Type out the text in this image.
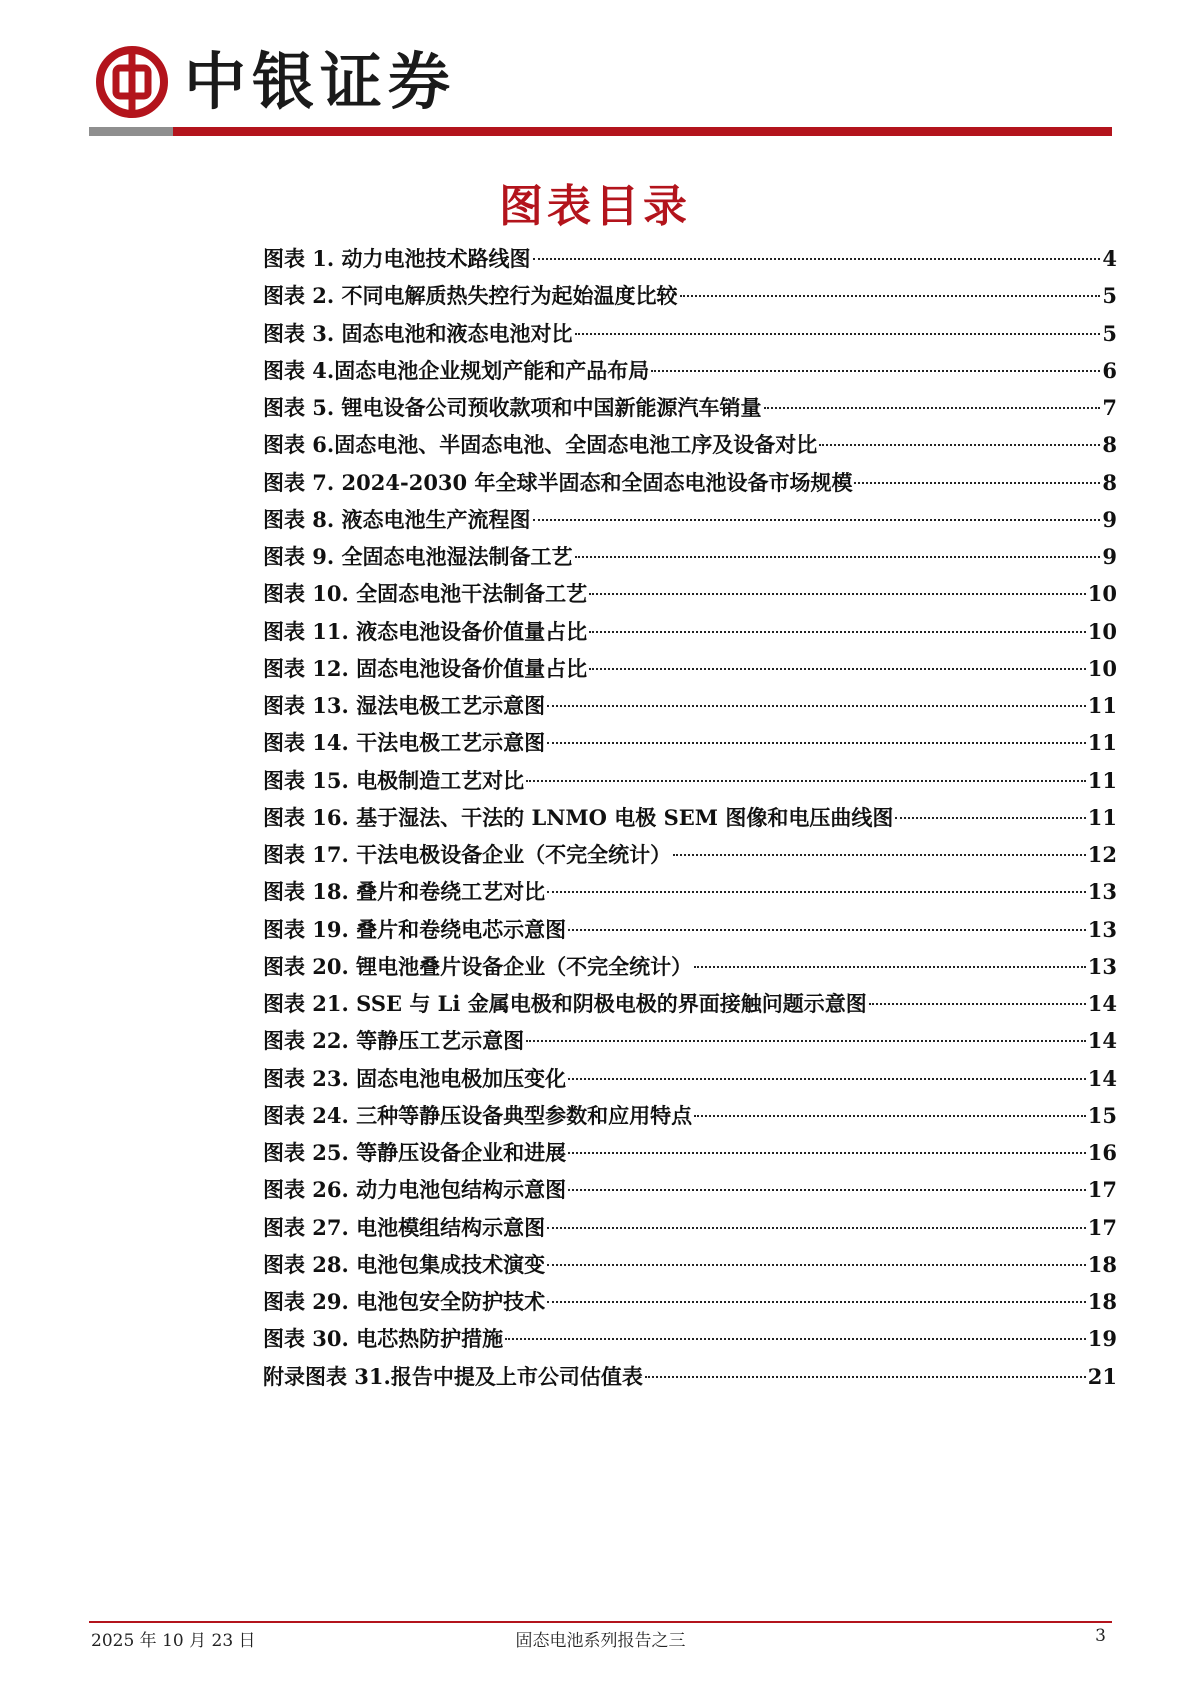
中银证券
图表目录
图表 1. 动力电池技术路线图	4
图表 2. 不同电解质热失控行为起始温度比较	5
图表 3. 固态电池和液态电池对比	5
图表 4.固态电池企业规划产能和产品布局	6
图表 5. 锂电设备公司预收款项和中国新能源汽车销量	7
图表 6.固态电池、半固态电池、全固态电池工序及设备对比	8
图表 7. 2024-2030 年全球半固态和全固态电池设备市场规模	8
图表 8. 液态电池生产流程图	9
图表 9. 全固态电池湿法制备工艺	9
图表 10. 全固态电池干法制备工艺	10
图表 11. 液态电池设备价值量占比	10
图表 12. 固态电池设备价值量占比	10
图表 13. 湿法电极工艺示意图	11
图表 14. 干法电极工艺示意图	11
图表 15. 电极制造工艺对比	11
图表 16. 基于湿法、干法的 LNMO 电极 SEM 图像和电压曲线图	11
图表 17. 干法电极设备企业（不完全统计）	12
图表 18. 叠片和卷绕工艺对比	13
图表 19. 叠片和卷绕电芯示意图	13
图表 20. 锂电池叠片设备企业（不完全统计）	13
图表 21. SSE 与 Li 金属电极和阴极电极的界面接触问题示意图	14
图表 22. 等静压工艺示意图	14
图表 23. 固态电池电极加压变化	14
图表 24. 三种等静压设备典型参数和应用特点	15
图表 25. 等静压设备企业和进展	16
图表 26. 动力电池包结构示意图	17
图表 27. 电池模组结构示意图	17
图表 28. 电池包集成技术演变	18
图表 29. 电池包安全防护技术	18
图表 30. 电芯热防护措施	19
附录图表 31.报告中提及上市公司估值表	21
2025 年 10 月 23 日	固态电池系列报告之三	3
